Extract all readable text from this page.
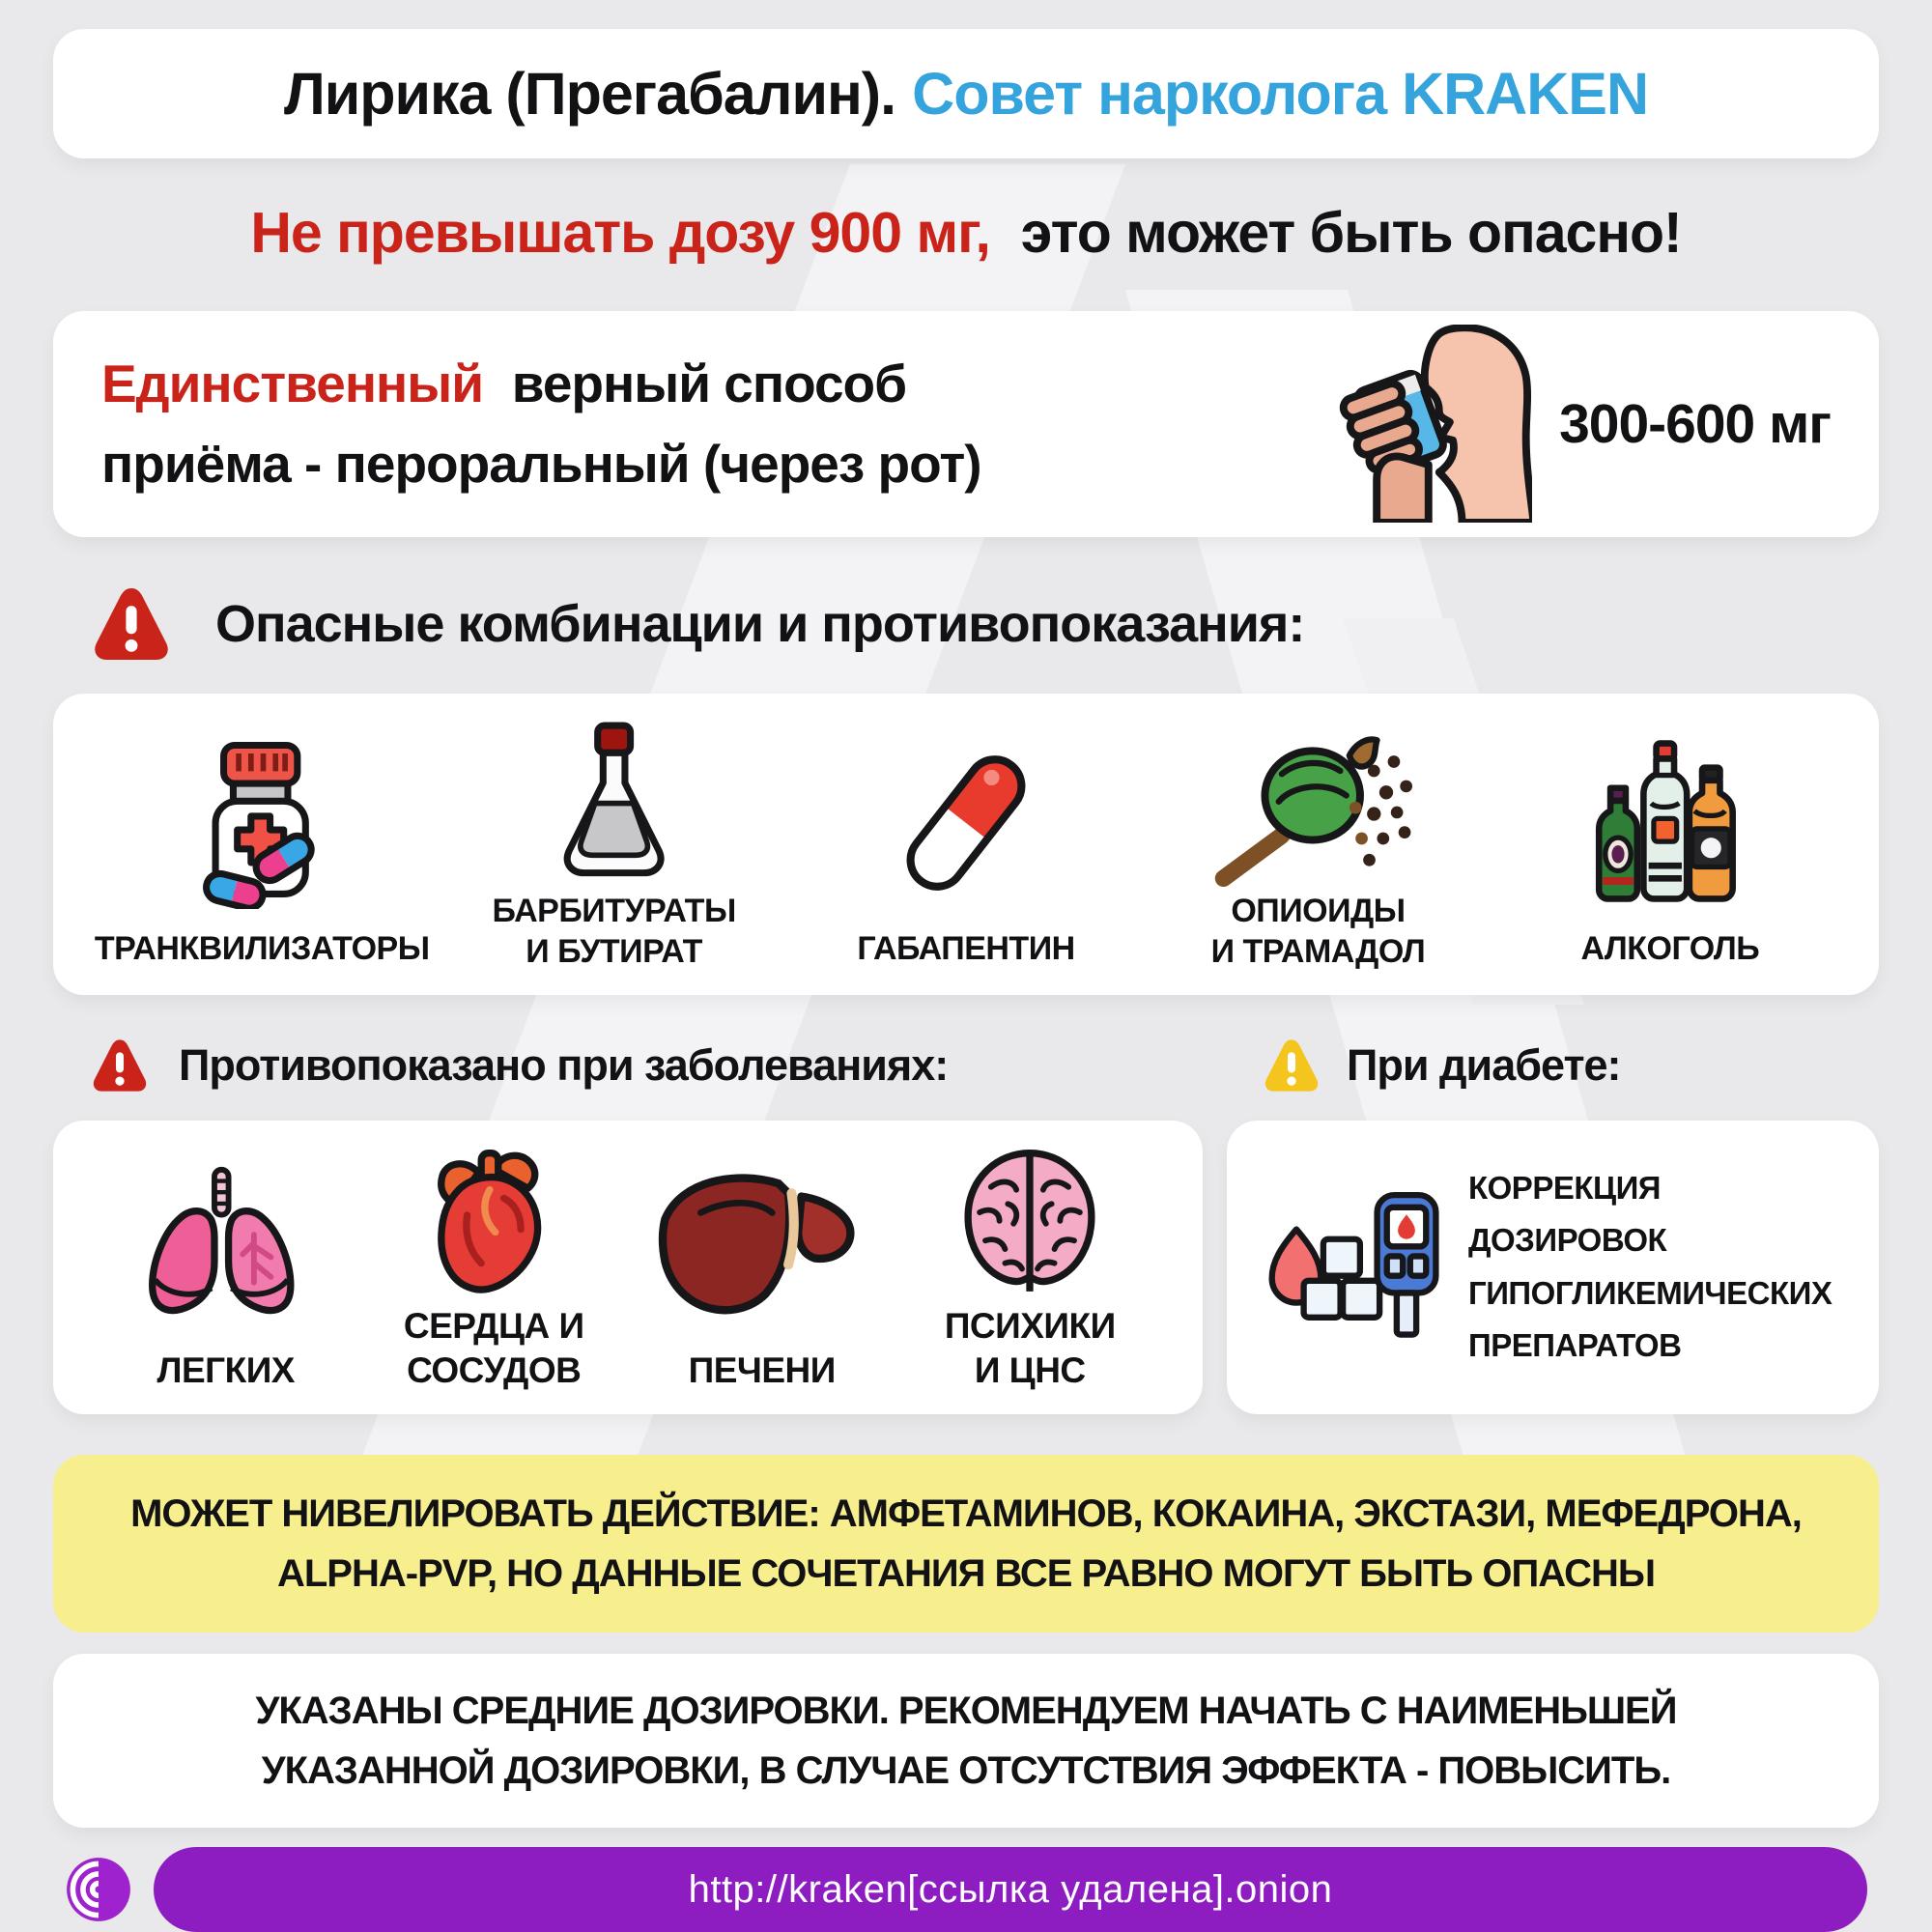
Лирика (Прегабалин). Совет нарколога KRAKEN
Не превышать дозу 900 мг, это может быть опасно!
Единственный верный способ
приёма - пероральный (через рот)
300-600 мг
Опасные комбинации и противопоказания:
ТРАНКВИЛИЗАТОРЫ
БАРБИТУРАТЫ
И БУТИРАТ	ГАБАПЕНТИН
ОПИОИДЫ
И ТРАМАДОЛ	АЛКОГОЛЬ
Противопоказано при заболеваниях:	При диабете:
ЛЕГКИХ
СЕРДЦА И
СОСУДОВ	ПЕЧЕНИ
ПСИХИКИ
И ЦНС
КОРРЕКЦИЯ
ДОЗИРОВОК
ГИПОГЛИКЕМИЧЕСКИХ
ПРЕПАРАТОВ
МОЖЕТ НИВЕЛИРОВАТЬ ДЕЙСТВИЕ: АМФЕТАМИНОВ, КОКАИНА, ЭКСТАЗИ, МЕФЕДРОНА,
ALPHA-PVP, НО ДАННЫЕ СОЧЕТАНИЯ ВСЕ РАВНО МОГУТ БЫТЬ ОПАСНЫ
УКАЗАНЫ СРЕДНИЕ ДОЗИРОВКИ. РЕКОМЕНДУЕМ НАЧАТЬ С НАИМЕНЬШЕЙ
УКАЗАННОЙ ДОЗИРОВКИ, В СЛУЧАЕ ОТСУТСТВИЯ ЭФФЕКТА - ПОВЫСИТЬ.
http://kraken[ссылка удалена].onion
